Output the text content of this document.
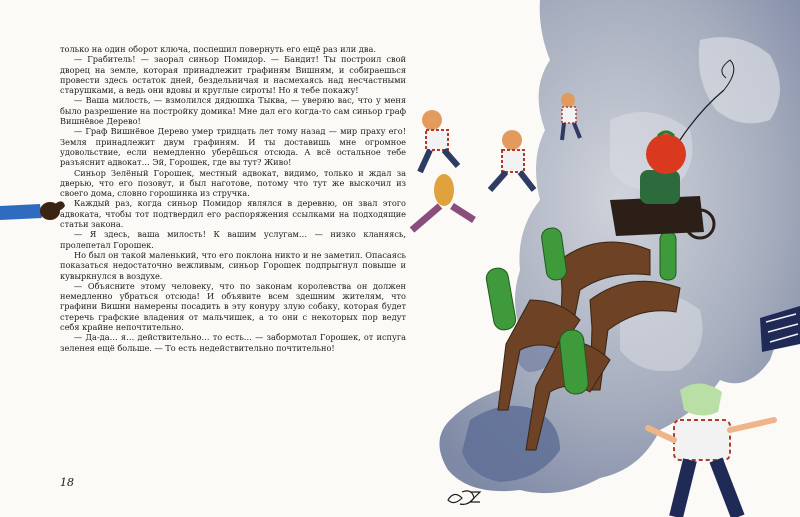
только на один оборот ключа, поспешил повернуть его ещё раз или два.

— Грабитель! — заорал синьор Помидор. — Бандит! Ты построил свой дворец на земле, которая принадлежит графиням Вишням, и собираешься провести здесь остаток дней, бездельничая и насмехаясь над несчастными старушками, а ведь они вдовы и круглые сироты! Но я тебе покажу!

— Ваша милость, — взмолился дядюшка Тыква, — уверяю вас, что у меня было разрешение на постройку домика! Мне дал его когда-то сам синьор граф Вишнёвое Дерево!

— Граф Вишнёвое Дерево умер тридцать лет тому назад — мир праху его! Земля принадлежит двум графиням. И ты доставишь мне огромное удовольствие, если немедленно уберёшься отсюда. А всё остальное тебе разъяснит адвокат… Эй, Горошек, где вы тут? Живо!

Синьор Зелёный Горошек, местный адвокат, видимо, только и ждал за дверью, что его позовут, и был наготове, потому что тут же выскочил из своего дома, словно горошинка из стручка.

Каждый раз, когда синьор Помидор являлся в деревню, он звал этого адвоката, чтобы тот подтвердил его распоряжения ссылками на подходящие статьи закона.

— Я здесь, ваша милость! К вашим услугам… — низко кланяясь, пролепетал Горошек.

Но был он такой маленький, что его поклона никто и не заметил. Опасаясь показаться недостаточно вежливым, синьор Горошек подпрыгнул повыше и кувыркнулся в воздухе.

— Объясните этому человеку, что по законам королевства он должен немедленно убраться отсюда! И объявите всем здешним жителям, что графини Вишни намерены посадить в эту конуру злую собаку, которая будет стеречь графские владения от мальчишек, а то они с некоторых пор ведут себя крайне непочтительно.

— Да-да… я… действительно… то есть… — забормотал Горошек, от испуга зеленея ещё больше. — То есть недействительно почтительно!

18
